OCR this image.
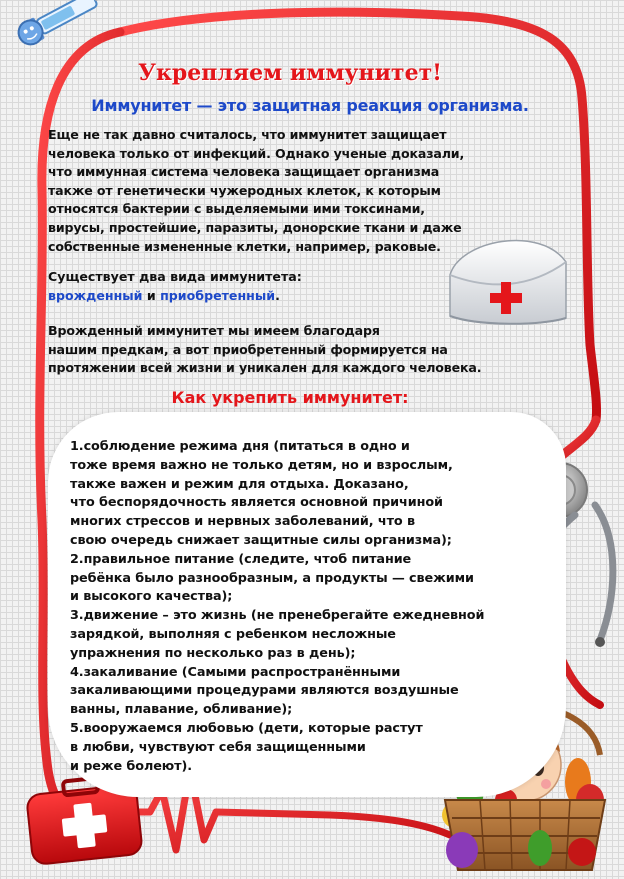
Укрепляем иммунитет!
Иммунитет — это защитная реакция организма.
Еще не так давно считалось, что иммунитет защищает
человека только от инфекций. Однако ученые доказали,
что иммунная система человека защищает организма
также от генетически чужеродных клеток, к которым
относятся бактерии с выделяемыми ими токсинами,
вирусы, простейшие, паразиты, донорские ткани и даже
собственные измененные клетки, например, раковые.
Существует два вида иммунитета:
врожденный и приобретенный.
Врожденный иммунитет мы имеем благодаря
нашим предкам, а вот приобретенный формируется на
протяжении всей жизни и уникален для каждого человека.
Как укрепить иммунитет:

1.соблюдение режима дня (питаться в одно и

тоже время важно не только детям, но и взрослым,

также важен и режим для отдыха. Доказано,

что беспорядочность является основной причиной

многих стрессов и нервных заболеваний, что в

свою очередь снижает защитные силы организма);

2.правильное питание (следите, чтоб питание

ребёнка было разнообразным, а продукты — свежими

и высокого качества);

3.движение – это жизнь (не пренебрегайте ежедневной

зарядкой, выполняя с ребенком несложные

упражнения по несколько раз в день);

4.закаливание (Самыми распространёнными

закаливающими процедурами являются воздушные

ванны, плавание, обливание);

5.вооружаемся любовью (дети, которые растут

в любви, чувствуют себя защищенными

и реже болеют).
